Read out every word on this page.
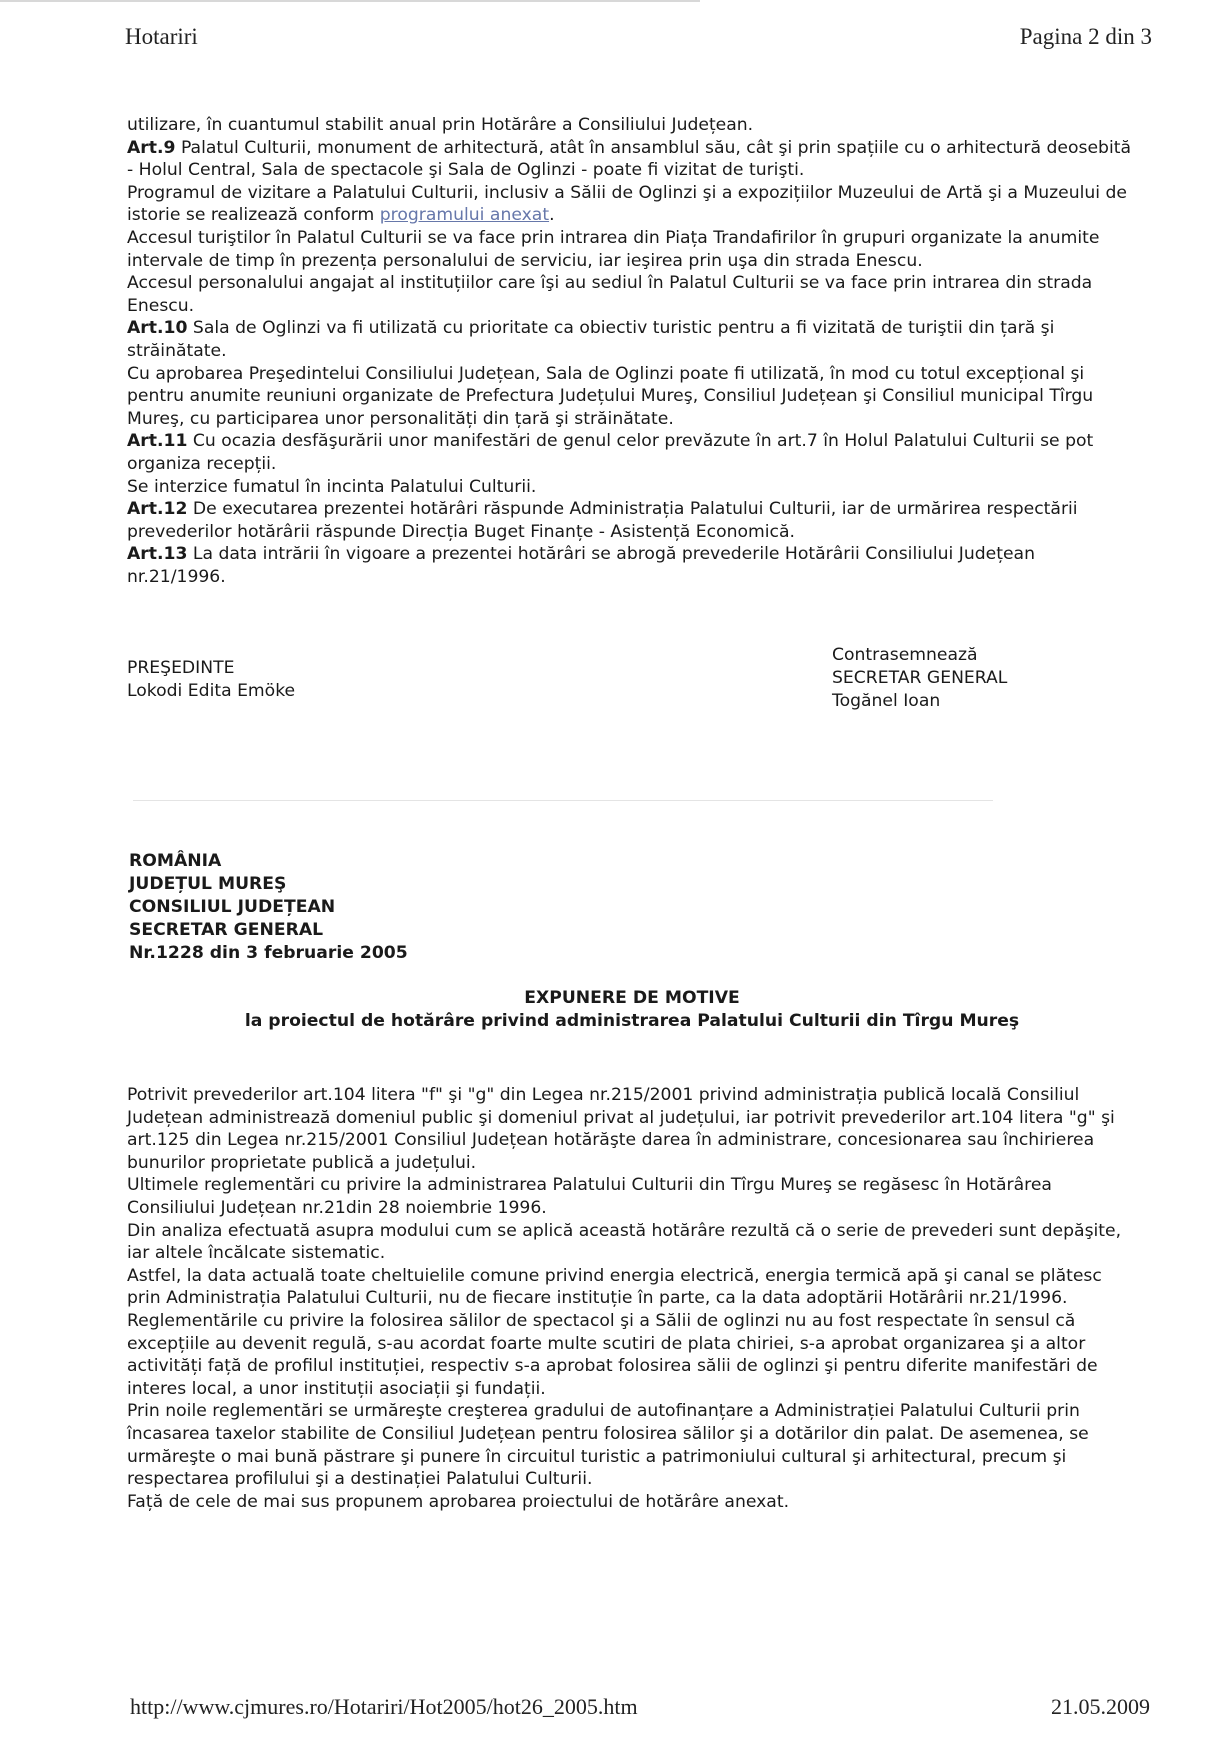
Hotariri	Pagina 2 din 3

utilizare, în cuantumul stabilit anual prin Hotărâre a Consiliului Județean.

Art.9 Palatul Culturii, monument de arhitectură, atât în ansamblul său, cât şi prin spațiile cu o arhitectură deosebită - Holul Central, Sala de spectacole şi Sala de Oglinzi - poate fi vizitat de turişti.

Programul de vizitare a Palatului Culturii, inclusiv a Sălii de Oglinzi şi a expozițiilor Muzeului de Artă şi a Muzeului de istorie se realizează conform programului anexat.

Accesul turiştilor în Palatul Culturii se va face prin intrarea din Piața Trandafirilor în grupuri organizate la anumite intervale de timp în prezența personalului de serviciu, iar ieşirea prin uşa din strada Enescu.

Accesul personalului angajat al instituțiilor care îşi au sediul în Palatul Culturii se va face prin intrarea din strada Enescu.

Art.10 Sala de Oglinzi va fi utilizată cu prioritate ca obiectiv turistic pentru a fi vizitată de turiştii din țară şi străinătate.

Cu aprobarea Preşedintelui Consiliului Județean, Sala de Oglinzi poate fi utilizată, în mod cu totul excepțional şi pentru anumite reuniuni organizate de Prefectura Județului Mureş, Consiliul Județean şi Consiliul municipal Tîrgu Mureş, cu participarea unor personalități din țară şi străinătate.

Art.11 Cu ocazia desfăşurării unor manifestări de genul celor prevăzute în art.7 în Holul Palatului Culturii se pot organiza recepții.

Se interzice fumatul în incinta Palatului Culturii.

Art.12 De executarea prezentei hotărâri răspunde Administrația Palatului Culturii, iar de urmărirea respectării prevederilor hotărârii răspunde Direcția Buget Finanțe - Asistență Economică.

Art.13 La data intrării în vigoare a prezentei hotărâri se abrogă prevederile Hotărârii Consiliului Județean nr.21/1996.

PREŞEDINTE
Lokodi Edita Emöke
Contrasemnează
SECRETAR GENERAL
Togănel Ioan
ROMÂNIA
JUDEȚUL MUREŞ
CONSILIUL JUDEȚEAN
SECRETAR GENERAL
Nr.1228 din 3 februarie 2005
EXPUNERE DE MOTIVE
la proiectul de hotărâre privind administrarea Palatului Culturii din Tîrgu Mureş

Potrivit prevederilor art.104 litera "f" şi "g" din Legea nr.215/2001 privind administrația publică locală Consiliul Județean administrează domeniul public şi domeniul privat al județului, iar potrivit prevederilor art.104 litera "g" şi art.125 din Legea nr.215/2001 Consiliul Județean hotărăşte darea în administrare, concesionarea sau închirierea bunurilor proprietate publică a județului.

Ultimele reglementări cu privire la administrarea Palatului Culturii din Tîrgu Mureş se regăsesc în Hotărârea Consiliului Județean nr.21din 28 noiembrie 1996.

Din analiza efectuată asupra modului cum se aplică această hotărâre rezultă că o serie de prevederi sunt depăşite, iar altele încălcate sistematic.

Astfel, la data actuală toate cheltuielile comune privind energia electrică, energia termică apă şi canal se plătesc prin Administrația Palatului Culturii, nu de fiecare instituție în parte, ca la data adoptării Hotărârii nr.21/1996.

Reglementările cu privire la folosirea sălilor de spectacol şi a Sălii de oglinzi nu au fost respectate în sensul că excepțiile au devenit regulă, s-au acordat foarte multe scutiri de plata chiriei, s-a aprobat organizarea şi a altor activități față de profilul instituției, respectiv s-a aprobat folosirea sălii de oglinzi şi pentru diferite manifestări de interes local, a unor instituții asociații şi fundații.

Prin noile reglementări se urmăreşte creşterea gradului de autofinanțare a Administrației Palatului Culturii prin încasarea taxelor stabilite de Consiliul Județean pentru folosirea sălilor şi a dotărilor din palat. De asemenea, se urmăreşte o mai bună păstrare şi punere în circuitul turistic a patrimoniului cultural şi arhitectural, precum şi respectarea profilului şi a destinației Palatului Culturii.

Față de cele de mai sus propunem aprobarea proiectului de hotărâre anexat.

http://www.cjmures.ro/Hotariri/Hot2005/hot26_2005.htm	21.05.2009
